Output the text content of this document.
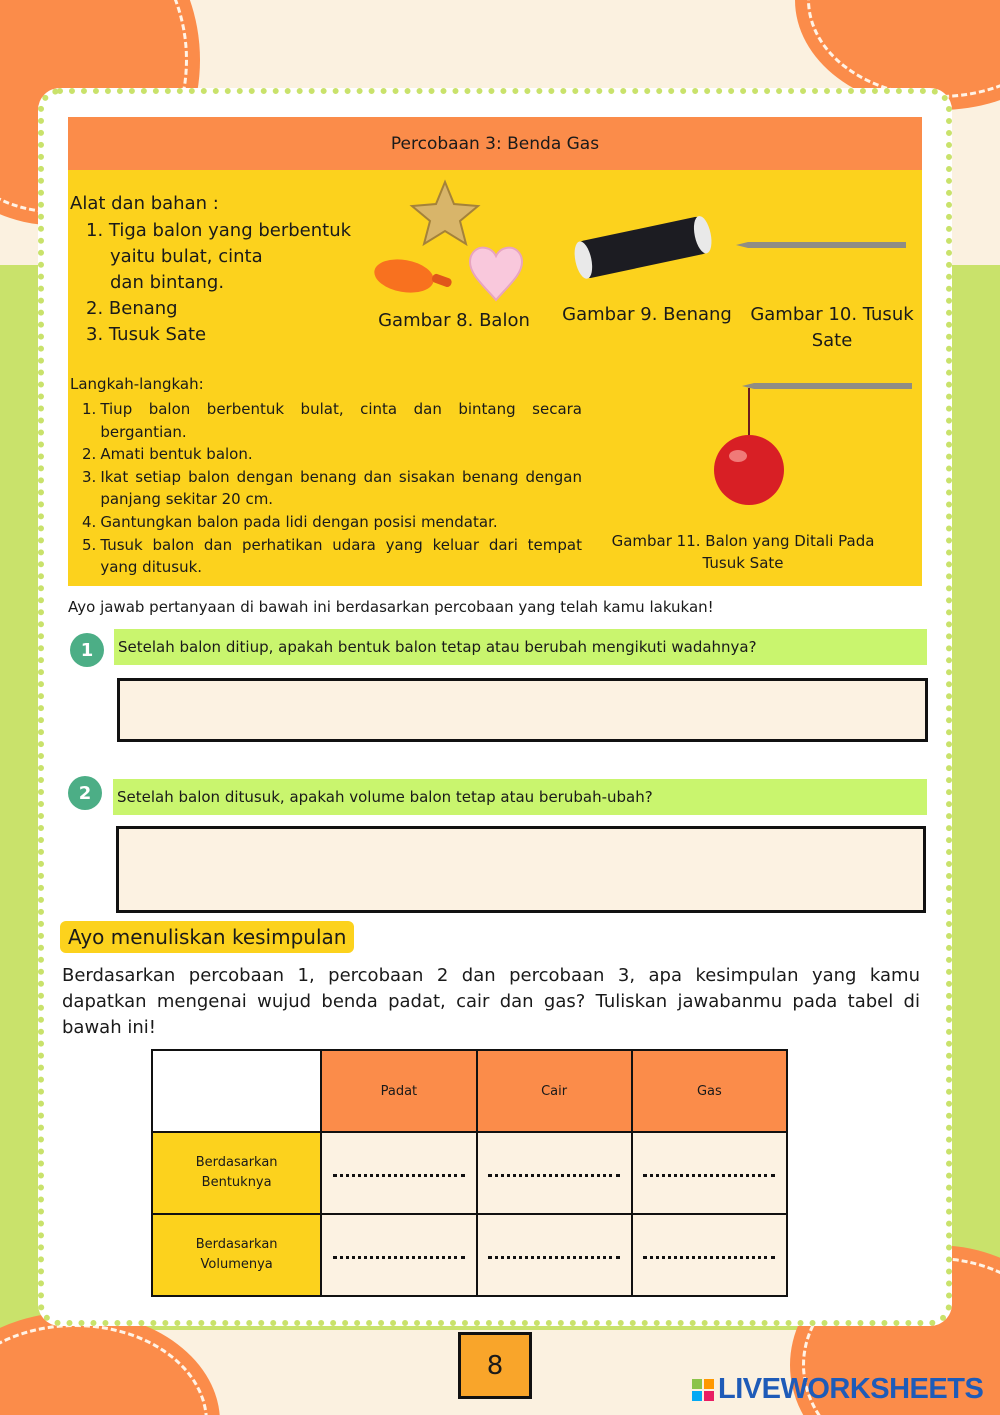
Percobaan 3: Benda Gas
Alat dan bahan :
1. Tiga balon yang berbentuk
yaitu bulat, cinta
dan bintang.
2. Benang
3. Tusuk Sate
Gambar 8. Balon	Gambar 9. Benang	Gambar 10. Tusuk
Sate
Langkah-langkah:
1. Tiup balon berbentuk bulat, cinta dan bintang secara bergantian.
2. Amati bentuk balon.
3. Ikat setiap balon dengan benang dan sisakan benang dengan panjang sekitar 20 cm.
4. Gantungkan balon pada lidi dengan posisi mendatar.
5. Tusuk balon dan perhatikan udara yang keluar dari tempat yang ditusuk.
Gambar 11. Balon yang Ditali Pada Tusuk Sate
Ayo jawab pertanyaan di bawah ini berdasarkan percobaan yang telah kamu lakukan!
1	Setelah balon ditiup, apakah bentuk balon tetap atau berubah mengikuti wadahnya?
2	Setelah balon ditusuk, apakah volume balon tetap atau berubah-ubah?
Ayo menuliskan kesimpulan
Berdasarkan percobaan 1, percobaan 2 dan percobaan 3, apa kesimpulan yang kamu dapatkan mengenai wujud benda padat, cair dan gas? Tuliskan jawabanmu pada tabel di bawah ini!
	Padat	Cair	Gas

Berdasarkan
Bentuknya			

Berdasarkan
Volumenya			

8
LIVEWORKSHEETS
